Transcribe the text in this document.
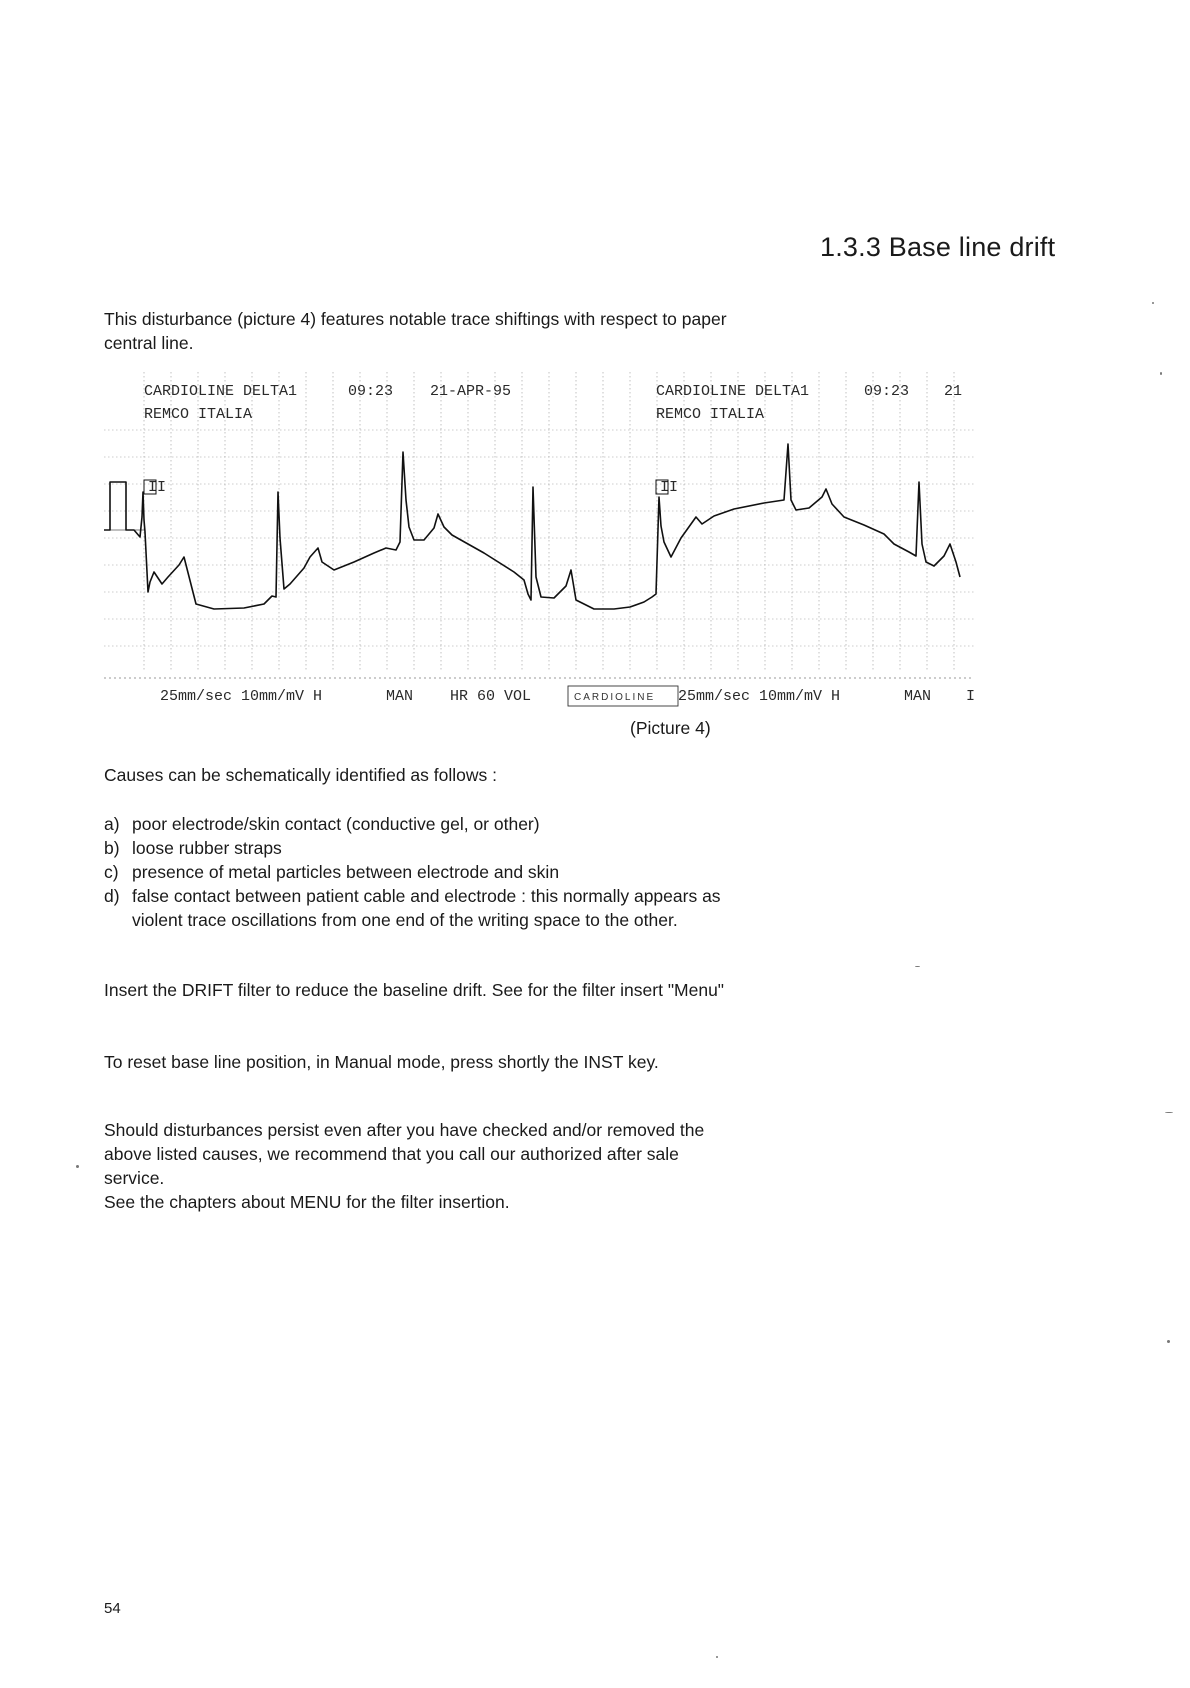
1.3.3 Base line drift
This disturbance (picture 4) features notable trace shiftings with respect to paper central line.
II	II
CARDIOLINE DELTA1	09:23 21-APR-95
REMCO ITALIA
CARDIOLINE DELTA1	09:23 21
REMCO ITALIA
25mm/sec 10mm/mV H	MAN HR 60 VOL	CARDIOLINE 25mm/sec 10mm/mV H	MAN I
(Picture 4)
Causes can be schematically identified as follows :
a) poor electrode/skin contact (conductive gel, or other)
b) loose rubber straps
c) presence of metal particles between electrode and skin
d) false contact between patient cable and electrode : this normally appears as violent trace oscillations from one end of the writing space to the other.
Insert the DRIFT filter to reduce the baseline drift. See for the filter insert "Menu"
To reset base line position, in Manual mode, press shortly the INST key.
Should disturbances persist even after you have checked and/or removed the above listed causes, we recommend that you call our authorized after sale service.
See the chapters about MENU for the filter insertion.
54
